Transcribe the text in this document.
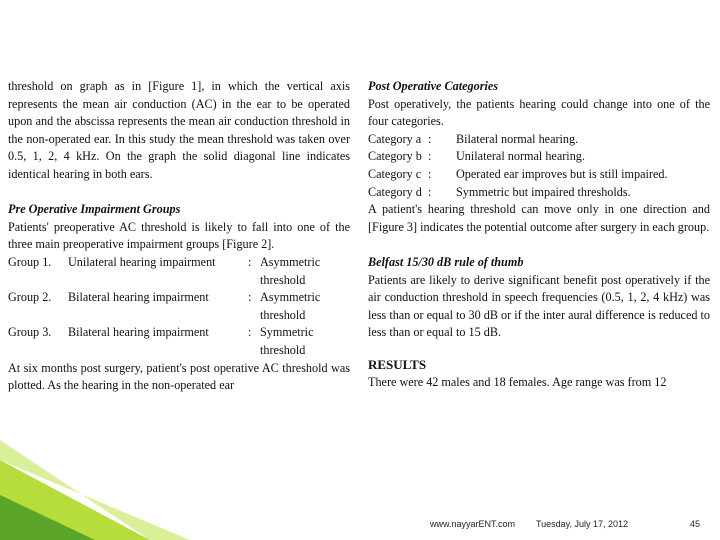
threshold on graph as in [Figure 1], in which the vertical axis represents the mean air conduction (AC) in the ear to be operated upon and the abscissa represents the mean air conduction threshold in the non-operated ear. In this study the mean threshold was taken over 0.5, 1, 2, 4 kHz. On the graph the solid diagonal line indicates identical hearing in both ears.

Pre Operative Impairment Groups

Patients' preoperative AC threshold is likely to fall into one of the three main preoperative impairment groups [Figure 2].

Group 1.	Unilateral hearing impairment	: Asymmetric threshold
Group 2.	Bilateral hearing impairment	: Asymmetric threshold
Group 3.	Bilateral hearing impairment	: Symmetric threshold

At six months post surgery, patient's post operative AC threshold was plotted. As the hearing in the non-operated ear

Post Operative Categories

Post operatively, the patients hearing could change into one of the four categories.

Category a :	Bilateral normal hearing.
Category b :	Unilateral normal hearing.
Category c :	Operated ear improves but is still impaired.
Category d :	Symmetric but impaired thresholds.

A patient's hearing threshold can move only in one direction and [Figure 3] indicates the potential outcome after surgery in each group.

Belfast 15/30 dB rule of thumb

Patients are likely to derive significant benefit post operatively if the air conduction threshold in speech frequencies (0.5, 1, 2, 4 kHz) was less than or equal to 30 dB or if the inter aural difference is reduced to less than or equal to 15 dB.

RESULTS

There were 42 males and 18 females. Age range was from 12

www.nayyarENT.com Tuesday, July 17, 2012	45
